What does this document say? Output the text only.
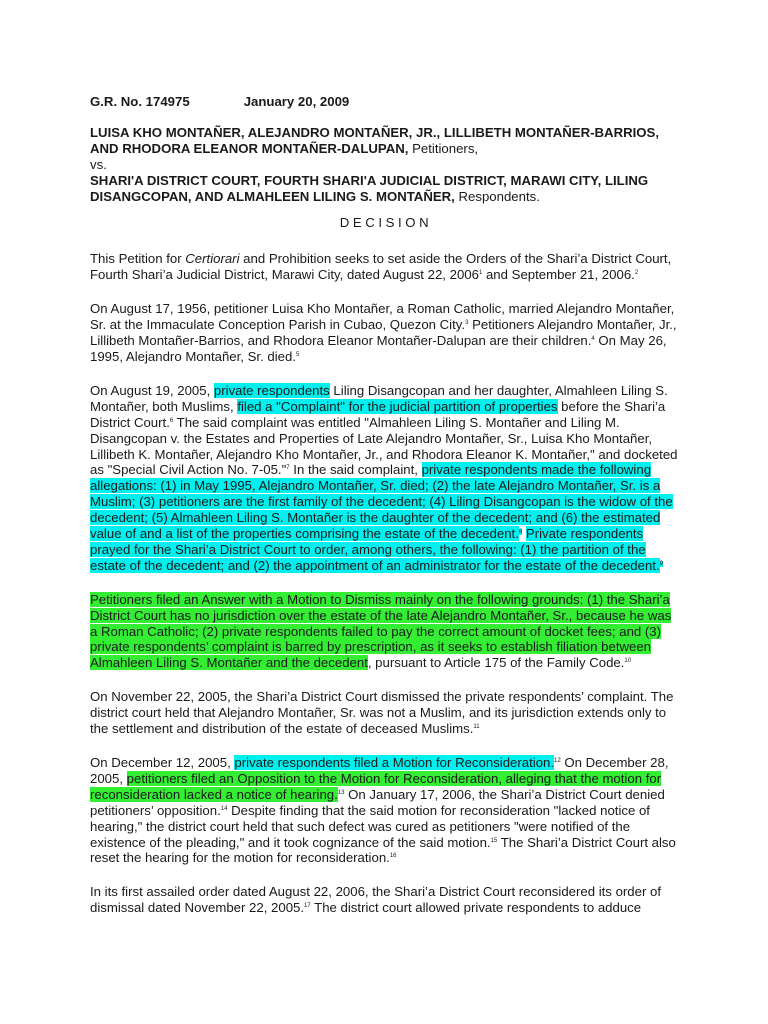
G.R. No. 174975	January 20, 2009
LUISA KHO MONTAÑER, ALEJANDRO MONTAÑER, JR., LILLIBETH MONTAÑER-BARRIOS, AND RHODORA ELEANOR MONTAÑER-DALUPAN, Petitioners,
vs.
SHARI'A DISTRICT COURT, FOURTH SHARI'A JUDICIAL DISTRICT, MARAWI CITY, LILING DISANGCOPAN, AND ALMAHLEEN LILING S. MONTAÑER, Respondents.
DECISION

This Petition for Certiorari and Prohibition seeks to set aside the Orders of the Shari’a District Court, Fourth Shari’a Judicial District, Marawi City, dated August 22, 2006$^1$ and September 21, 2006.$^2$

On August 17, 1956, petitioner Luisa Kho Montañer, a Roman Catholic, married Alejandro Montañer, Sr. at the Immaculate Conception Parish in Cubao, Quezon City.$^3$ Petitioners Alejandro Montañer, Jr., Lillibeth Montañer-Barrios, and Rhodora Eleanor Montañer-Dalupan are their children.$^4$ On May 26, 1995, Alejandro Montañer, Sr. died.$^5$

On August 19, 2005, private respondents Liling Disangcopan and her daughter, Almahleen Liling S. Montañer, both Muslims, filed a "Complaint" for the judicial partition of properties before the Shari’a District Court.$^6$ The said complaint was entitled "Almahleen Liling S. Montañer and Liling M. Disangcopan v. the Estates and Properties of Late Alejandro Montañer, Sr., Luisa Kho Montañer, Lillibeth K. Montañer, Alejandro Kho Montañer, Jr., and Rhodora Eleanor K. Montañer," and docketed as "Special Civil Action No. 7-05."$^7$ In the said complaint, private respondents made the following allegations: (1) in May 1995, Alejandro Montañer, Sr. died; (2) the late Alejandro Montañer, Sr. is a Muslim; (3) petitioners are the first family of the decedent; (4) Liling Disangcopan is the widow of the decedent; (5) Almahleen Liling S. Montañer is the daughter of the decedent; and (6) the estimated value of and a list of the properties comprising the estate of the decedent.$^8$ Private respondents prayed for the Shari’a District Court to order, among others, the following: (1) the partition of the estate of the decedent; and (2) the appointment of an administrator for the estate of the decedent.$^9$

Petitioners filed an Answer with a Motion to Dismiss mainly on the following grounds: (1) the Shari’a District Court has no jurisdiction over the estate of the late Alejandro Montañer, Sr., because he was a Roman Catholic; (2) private respondents failed to pay the correct amount of docket fees; and (3) private respondents’ complaint is barred by prescription, as it seeks to establish filiation between Almahleen Liling S. Montañer and the decedent, pursuant to Article 175 of the Family Code.$^{10}$

On November 22, 2005, the Shari’a District Court dismissed the private respondents’ complaint. The district court held that Alejandro Montañer, Sr. was not a Muslim, and its jurisdiction extends only to the settlement and distribution of the estate of deceased Muslims.$^{11}$

On December 12, 2005, private respondents filed a Motion for Reconsideration.$^{12}$ On December 28, 2005, petitioners filed an Opposition to the Motion for Reconsideration, alleging that the motion for reconsideration lacked a notice of hearing.$^{13}$ On January 17, 2006, the Shari’a District Court denied petitioners’ opposition.$^{14}$ Despite finding that the said motion for reconsideration "lacked notice of hearing," the district court held that such defect was cured as petitioners "were notified of the existence of the pleading," and it took cognizance of the said motion.$^{15}$ The Shari’a District Court also reset the hearing for the motion for reconsideration.$^{16}$

In its first assailed order dated August 22, 2006, the Shari’a District Court reconsidered its order of dismissal dated November 22, 2005.17 The district court allowed private respondents to adduce
